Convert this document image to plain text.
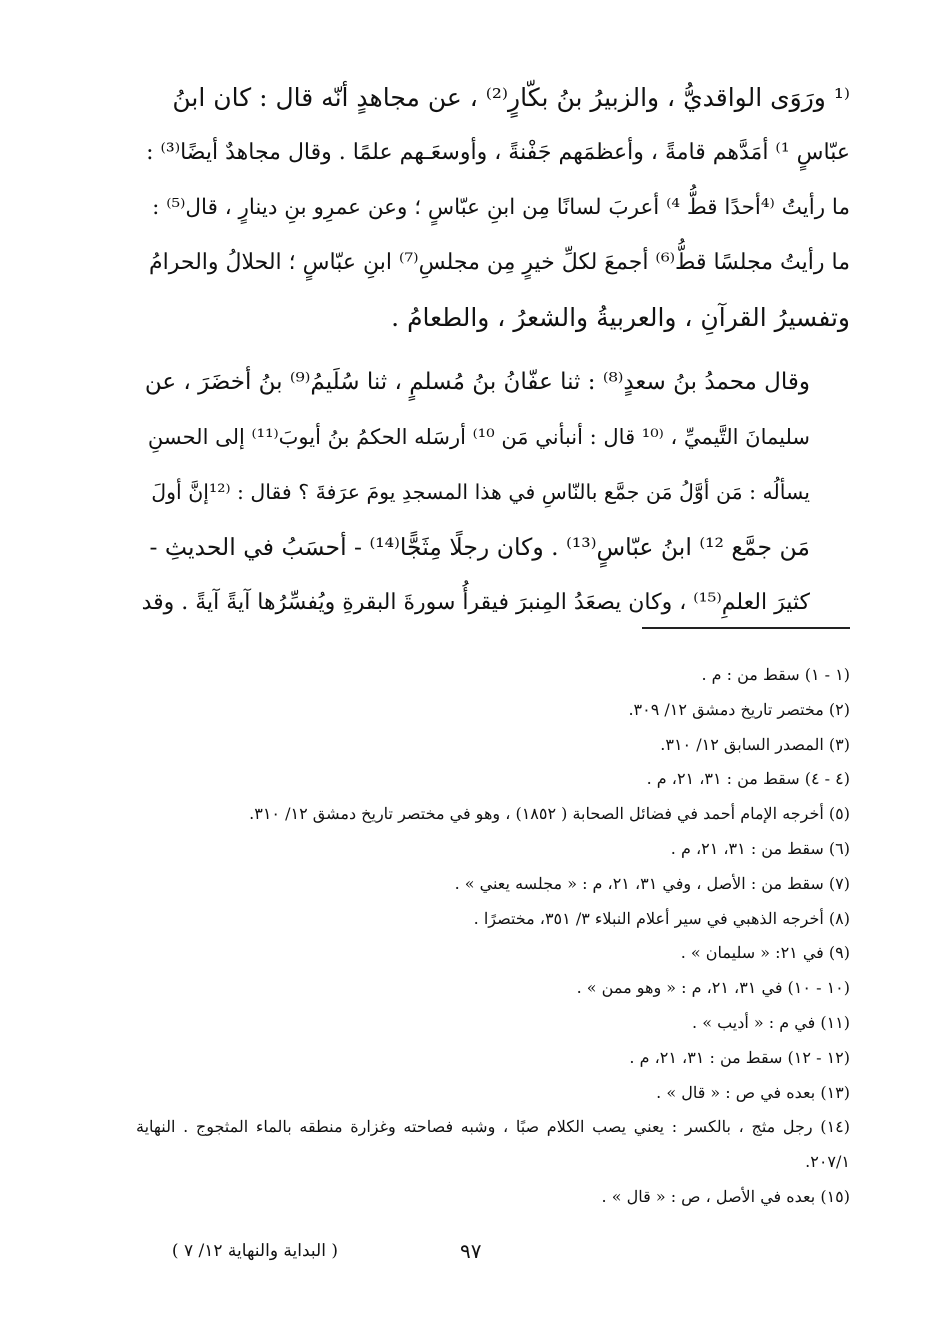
‏⁽¹ ورَوَى الواقديُّ ، والزبيرُ بنُ بكّارٍ⁽²⁾ ، عن مجاهدٍ أنّه قال : كان ابنُ
عبّاسٍ ¹⁾ أمَدَّهم قامةً ، وأعظمَهم جَفْنةً ، وأوسعَـهم علمًا . وقال مجاهدٌ أيضًا⁽³⁾ :
ما رأيتُ ⁽⁴أحدًا قطُّ ⁴⁾ أعربَ لسانًا مِن ابنِ عبّاسٍ ؛ وعن عمرِو بنِ دينارٍ ، قال⁽⁵⁾ :
ما رأيتُ مجلسًا قطُّ⁽⁶⁾ أجمعَ لكلِّ خيرٍ مِن مجلسِ⁽⁷⁾ ابنِ عبّاسٍ ؛ الحلالُ والحرامُ
وتفسيرُ القرآنِ ، والعربيةُ والشعرُ ، والطعامُ .

وقال محمدُ بنُ سعدٍ⁽⁸⁾ : ثنا عفّانُ بنُ مُسلمٍ ، ثنا سُلَيمُ⁽⁹⁾ بنُ أخضَرَ ، عن
سليمانَ التَّيميِّ ، ⁽¹⁰ قال : أنبأني مَن ¹⁰⁾ أرسَله الحكمُ بنُ أيوبَ⁽¹¹⁾ إلى الحسنِ
يسألُه : مَن أوَّلُ مَن جمَّع بالنّاسِ في هذا المسجدِ يومَ عرَفةَ ؟ فقال : ⁽¹²إنَّ أولَ
مَن جمَّع ¹²⁾ ابنُ عبّاسٍ⁽¹³⁾ . وكان رجلًا مِثَجًّا⁽¹⁴⁾ - أحسَبُ في الحديثِ -
كثيرَ العلمِ⁽¹⁵⁾ ، وكان يصعَدُ المِنبرَ فيقرأُ سورةَ البقرةِ ويُفسِّرُها آيةً آيةً . وقد

(١ - ١) سقط من : م .
(٢) مختصر تاريخ دمشق ١٢/ ٣٠٩.
(٣) المصدر السابق ١٢/ ٣١٠.
(٤ - ٤) سقط من : ٣١، ٢١، م .
(٥) أخرجه الإمام أحمد في فضائل الصحابة ( ١٨٥٢) ، وهو في مختصر تاريخ دمشق ١٢/ ٣١٠.
(٦) سقط من : ٣١، ٢١، م .
(٧) سقط من : الأصل ، وفي ٣١، ٢١، م : « مجلسه يعني » .
(٨) أخرجه الذهبي في سير أعلام النبلاء ٣/ ٣٥١، مختصرًا .
(٩) في ٢١: « سليمان » .
(١٠ - ١٠) في ٣١، ٢١، م : « وهو ممن » .
(١١) في م : « أديب » .
(١٢ - ١٢) سقط من : ٣١، ٢١، م .
(١٣) بعده في ص : « قال » .
(١٤) رجل مثج ، بالكسر : يعني يصب الكلام صبًا ، وشبه فصاحته وغزارة منطقه بالماء المثجوج . النهاية ٢٠٧/١.
(١٥) بعده في الأصل ، ص : « قال » .
( البداية والنهاية ١٢/ ٧ )	٩٧
